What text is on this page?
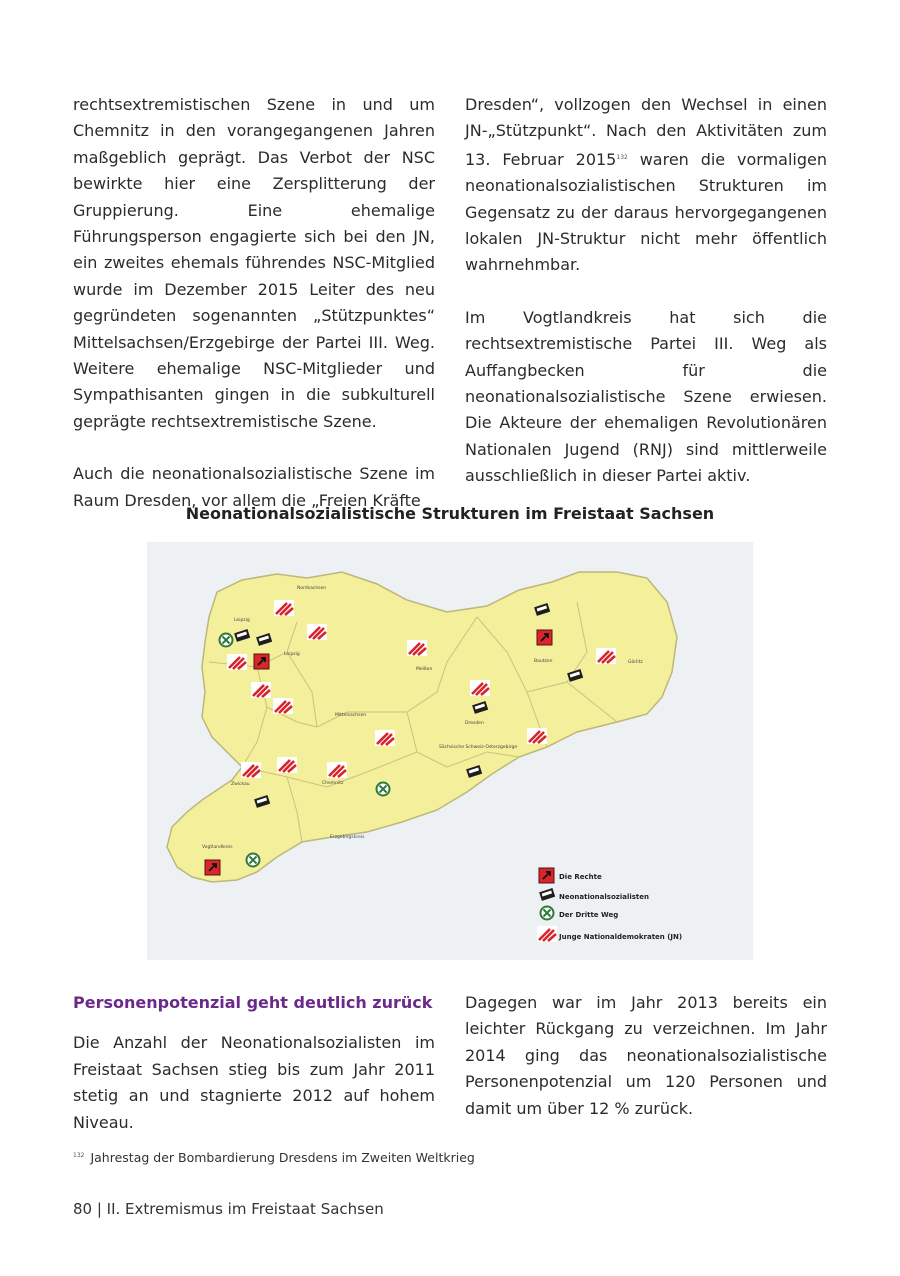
rechtsextremistischen Szene in und um Chemnitz in den vorangegangenen Jahren maßgeblich geprägt. Das Verbot der NSC bewirkte hier eine Zersplitterung der Gruppierung. Eine ehemalige Führungsperson engagierte sich bei den JN, ein zweites ehemals führendes NSC-Mitglied wurde im Dezember 2015 Leiter des neu gegründeten sogenannten „Stützpunktes“ Mittelsachsen/Erzgebirge der Partei III. Weg. Weitere ehemalige NSC-Mitglieder und Sympathisanten gingen in die subkulturell geprägte rechtsextremistische Szene.

Auch die neonationalsozialistische Szene im Raum Dresden, vor allem die „Freien Kräfte

Dresden“, vollzogen den Wechsel in einen JN-„Stützpunkt“. Nach den Aktivitäten zum 13. Februar 2015$^{132}$ waren die vormaligen neonationalsozialistischen Strukturen im Gegensatz zu der daraus hervorgegangenen lokalen JN-Struktur nicht mehr öffentlich wahrnehmbar.

Im Vogtlandkreis hat sich die rechtsextremistische Partei III. Weg als Auffangbecken für die neonationalsozialistische Szene erwiesen. Die Akteure der ehemaligen Revolutionären Nationalen Jugend (RNJ) sind mittlerweile ausschließlich in dieser Partei aktiv.

Neonationalsozialistische Strukturen im Freistaat Sachsen
Nordsachsen
Leipzig
Leipzig
Meißen
Bautzen	Görlitz
Mittelsachsen
Dresden
Sächsische Schweiz-Osterzgebirge
Zwickau	Chemnitz
Erzgebirgskreis
Vogtlandkreis
Die Rechte
Neonationalsozialisten
Der Dritte Weg
Junge Nationaldemokraten (JN)

Personenpotenzial geht deutlich zurück

Die Anzahl der Neonationalsozialisten im Freistaat Sachsen stieg bis zum Jahr 2011 stetig an und stagnierte 2012 auf hohem Niveau.

Dagegen war im Jahr 2013 bereits ein leichter Rückgang zu verzeichnen. Im Jahr 2014 ging das neonationalsozialistische Personenpotenzial um 120 Personen und damit um über 12 % zurück.

$^{132}$ Jahrestag der Bombardierung Dresdens im Zweiten Weltkrieg
80 | II. Extremismus im Freistaat Sachsen
